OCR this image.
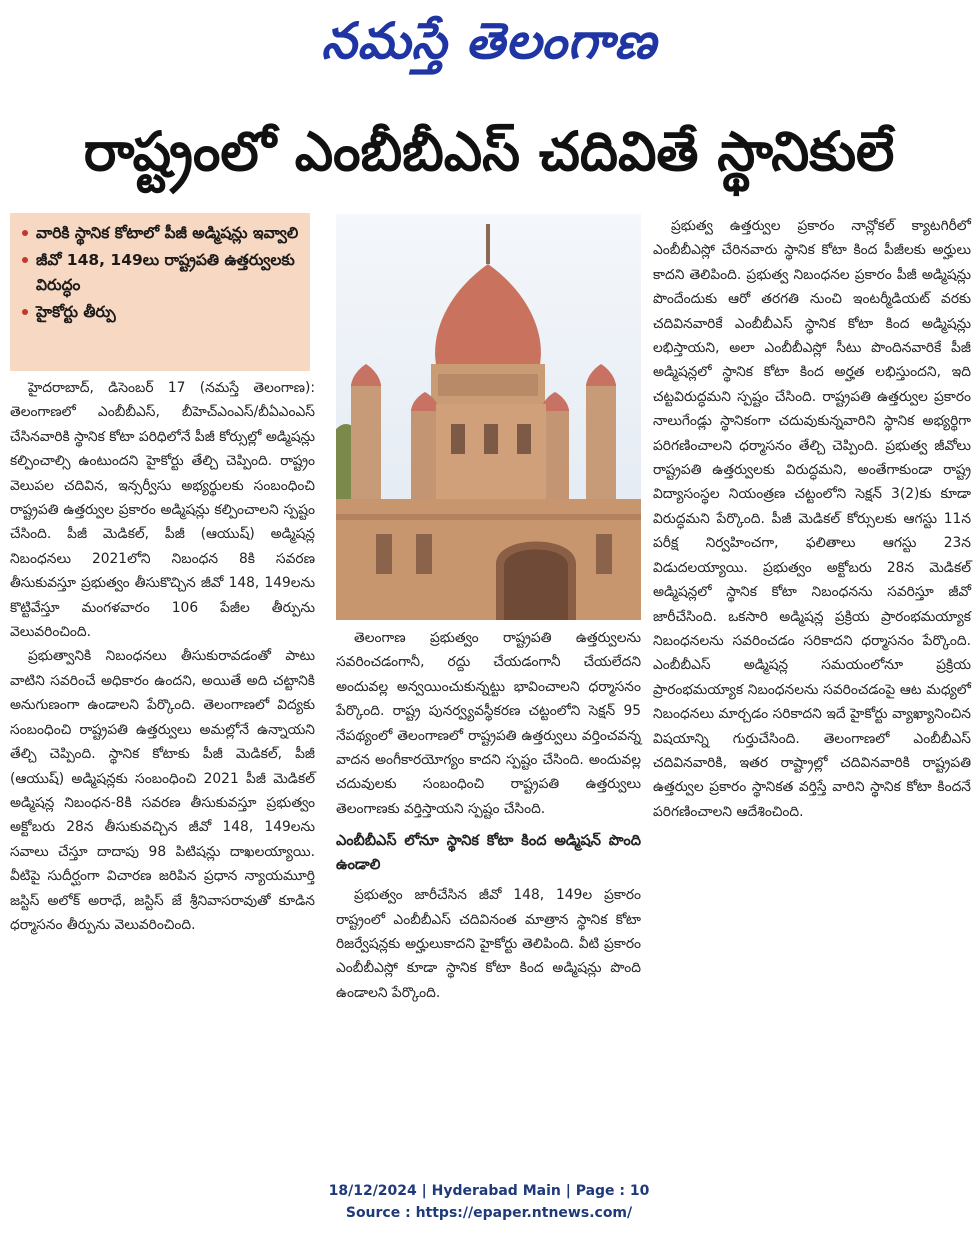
నమస్తే తెలంగాణ
రాష్ట్రంలో ఎంబీబీఎస్ చదివితే స్థానికులే
వారికి స్థానిక కోటాలో పీజీ అడ్మిషన్లు ఇవ్వాలి
జీవో 148, 149లు రాష్ట్రపతి ఉత్తర్వులకు విరుద్ధం
హైకోర్టు తీర్పు

హైదరాబాద్, డిసెంబర్ 17 (నమస్తే తెలంగాణ): తెలంగాణలో ఎంబీబీఎస్, బీహెచ్ఎంఎస్/బీఏఎంఎస్ చేసినవారికి స్థానిక కోటా పరిధిలోనే పీజీ కోర్సుల్లో అడ్మిషన్లు కల్పించాల్సి ఉంటుందని హైకోర్టు తేల్చి చెప్పింది. రాష్ట్రం వెలుపల చదివిన, ఇన్సర్వీసు అభ్యర్థులకు సంబంధించి రాష్ట్రపతి ఉత్తర్వుల ప్రకారం అడ్మిషన్లు కల్పించాలని స్పష్టం చేసింది. పీజీ మెడికల్, పీజీ (ఆయుష్) అడ్మిషన్ల నిబంధనలు 2021లోని నిబంధన 8కి సవరణ తీసుకువస్తూ ప్రభుత్వం తీసుకొచ్చిన జీవో 148, 149లను కొట్టివేస్తూ మంగళవారం 106 పేజీల తీర్పును వెలువరించింది.

ప్రభుత్వానికి నిబంధనలు తీసుకురావడంతో పాటు వాటిని సవరించే అధికారం ఉందని, అయితే అది చట్టానికి అనుగుణంగా ఉండాలని పేర్కొంది. తెలంగాణలో విద్యకు సంబంధించి రాష్ట్రపతి ఉత్తర్వులు అమల్లోనే ఉన్నాయని తేల్చి చెప్పింది. స్థానిక కోటాకు పీజీ మెడికల్, పీజీ (ఆయుష్) అడ్మిషన్లకు సంబంధించి 2021 పీజీ మెడికల్ అడ్మిషన్ల నిబంధన-8కి సవరణ తీసుకువస్తూ ప్రభుత్వం అక్టోబరు 28న తీసుకువచ్చిన జీవో 148, 149లను సవాలు చేస్తూ దాదాపు 98 పిటిషన్లు దాఖలయ్యాయి. వీటిపై సుదీర్ఘంగా విచారణ జరిపిన ప్రధాన న్యాయమూర్తి జస్టిస్ అలోక్ అరాధే, జస్టిస్ జే శ్రీనివాసరావుతో కూడిన ధర్మాసనం తీర్పును వెలువరించింది.

తెలంగాణ ప్రభుత్వం రాష్ట్రపతి ఉత్తర్వులను సవరించడంగానీ, రద్దు చేయడంగానీ చేయలేదని అందువల్ల అన్వయించుకున్నట్టు భావించాలని ధర్మాసనం పేర్కొంది. రాష్ట్ర పునర్వ్యవస్థీకరణ చట్టంలోని సెక్షన్ 95 నేపథ్యంలో తెలంగాణలో రాష్ట్రపతి ఉత్తర్వులు వర్తించవన్న వాదన అంగీకారయోగ్యం కాదని స్పష్టం చేసింది. అందువల్ల చదువులకు సంబంధించి రాష్ట్రపతి ఉత్తర్వులు తెలంగాణకు వర్తిస్తాయని స్పష్టం చేసింది.

ఎంబీబీఎస్ లోనూ స్థానిక కోటా కింద అడ్మిషన్ పొంది ఉండాలి

ప్రభుత్వం జారీచేసిన జీవో 148, 149ల ప్రకారం రాష్ట్రంలో ఎంబీబీఎస్ చదివినంత మాత్రాన స్థానిక కోటా రిజర్వేషన్లకు అర్హులుకాదని హైకోర్టు తెలిపింది. వీటి ప్రకారం ఎంబీబీఎస్లో కూడా స్థానిక కోటా కింద అడ్మిషన్లు పొంది ఉండాలని పేర్కొంది.

ప్రభుత్వ ఉత్తర్వుల ప్రకారం నాన్లోకల్ క్యాటగిరీలో ఎంబీబీఎస్లో చేరినవారు స్థానిక కోటా కింద పీజీలకు అర్హులు కాదని తెలిపింది. ప్రభుత్వ నిబంధనల ప్రకారం పీజీ అడ్మిషన్లు పొందేందుకు ఆరో తరగతి నుంచి ఇంటర్మీడియట్ వరకు చదివినవారికే ఎంబీబీఎస్ స్థానిక కోటా కింద అడ్మిషన్లు లభిస్తాయని, అలా ఎంబీబీఎస్లో సీటు పొందినవారికే పీజీ అడ్మిషన్లలో స్థానిక కోటా కింద అర్హత లభిస్తుందని, ఇది చట్టవిరుద్ధమని స్పష్టం చేసింది. రాష్ట్రపతి ఉత్తర్వుల ప్రకారం నాలుగేండ్లు స్థానికంగా చదువుకున్నవారిని స్థానిక అభ్యర్థిగా పరిగణించాలని ధర్మాసనం తేల్చి చెప్పింది. ప్రభుత్వ జీవోలు రాష్ట్రపతి ఉత్తర్వులకు విరుద్ధమని, అంతేగాకుండా రాష్ట్ర విద్యాసంస్థల నియంత్రణ చట్టంలోని సెక్షన్ 3(2)కు కూడా విరుద్ధమని పేర్కొంది. పీజీ మెడికల్ కోర్సులకు ఆగస్టు 11న పరీక్ష నిర్వహించగా, ఫలితాలు ఆగస్టు 23న విడుదలయ్యాయి. ప్రభుత్వం అక్టోబరు 28న మెడికల్ అడ్మిషన్లలో స్థానిక కోటా నిబంధనను సవరిస్తూ జీవో జారీచేసింది. ఒకసారి అడ్మిషన్ల ప్రక్రియ ప్రారంభమయ్యాక నిబంధనలను సవరించడం సరికాదని ధర్మాసనం పేర్కొంది. ఎంబీబీఎస్ అడ్మిషన్ల సమయంలోనూ ప్రక్రియ ప్రారంభమయ్యాక నిబంధనలను సవరించడంపై ఆట మధ్యలో నిబంధనలు మార్చడం సరికాదని ఇదే హైకోర్టు వ్యాఖ్యానించిన విషయాన్ని గుర్తుచేసింది. తెలంగాణలో ఎంబీబీఎస్ చదివినవారికి, ఇతర రాష్ట్రాల్లో చదివినవారికి రాష్ట్రపతి ఉత్తర్వుల ప్రకారం స్థానికత వర్తిస్తే వారిని స్థానిక కోటా కిందనే పరిగణించాలని ఆదేశించింది.

18/12/2024 | Hyderabad Main | Page : 10
Source : https://epaper.ntnews.com/
